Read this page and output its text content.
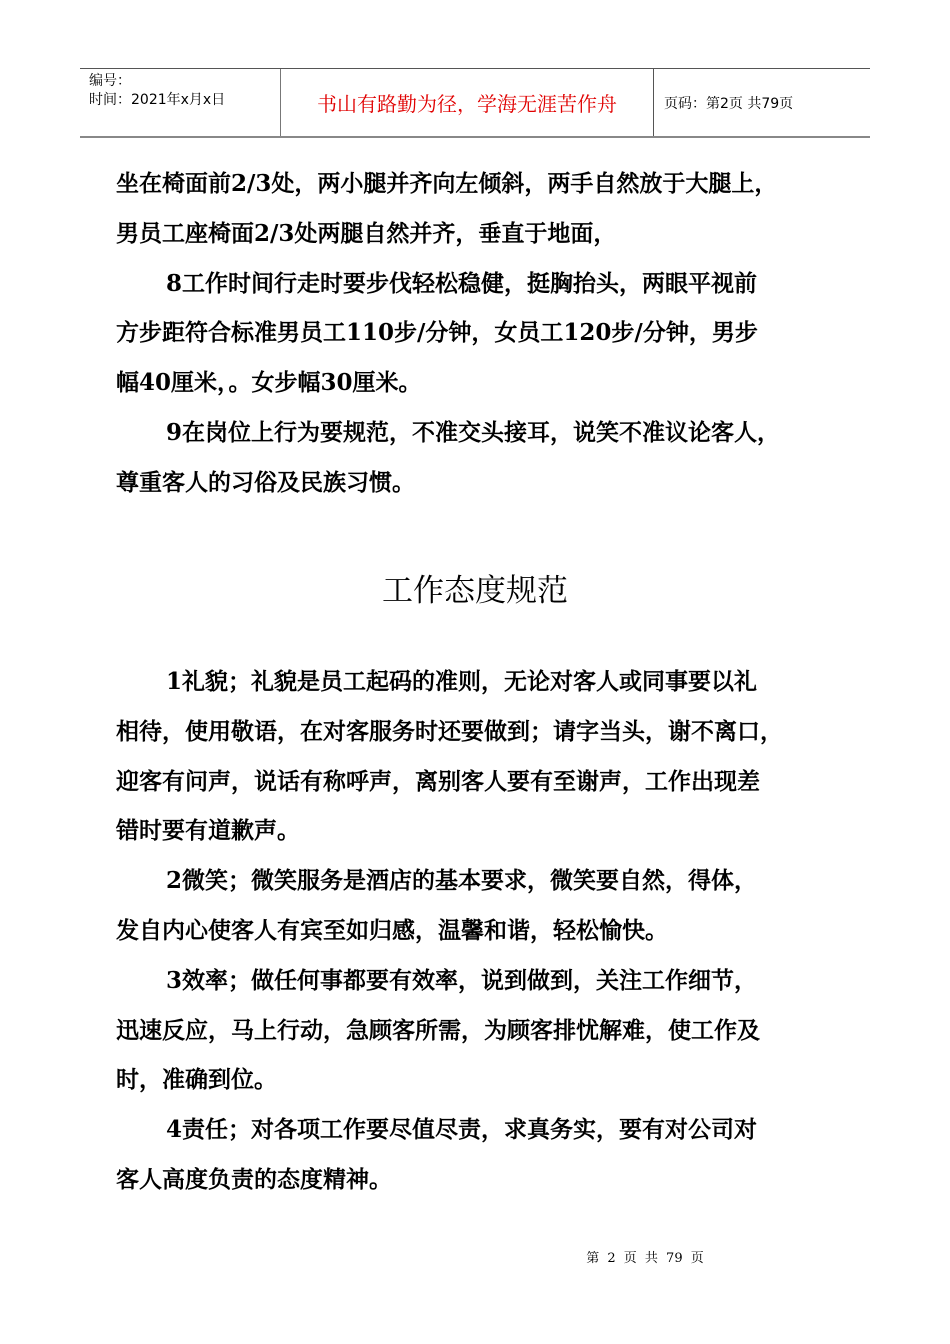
编号：
时间：2021年x月x日	书山有路勤为径，学海无涯苦作舟	页码：第2页 共79页
坐在椅面前2/3处，两小腿并齐向左倾斜，两手自然放于大腿上，
男员工座椅面2/3处两腿自然并齐，垂直于地面，
8工作时间行走时要步伐轻松稳健，挺胸抬头，两眼平视前
方步距符合标准男员工110步/分钟，女员工120步/分钟，男步
幅40厘米，。女步幅30厘米。
9在岗位上行为要规范，不准交头接耳，说笑不准议论客人，
尊重客人的习俗及民族习惯。
工作态度规范
1礼貌；礼貌是员工起码的准则，无论对客人或同事要以礼
相待，使用敬语，在对客服务时还要做到；请字当头，谢不离口，
迎客有问声，说话有称呼声，离别客人要有至谢声，工作出现差
错时要有道歉声。
2微笑；微笑服务是酒店的基本要求，微笑要自然，得体，
发自内心使客人有宾至如归感，温馨和谐，轻松愉快。
3效率；做任何事都要有效率，说到做到，关注工作细节，
迅速反应，马上行动，急顾客所需，为顾客排忧解难，使工作及
时，准确到位。
4责任；对各项工作要尽值尽责，求真务实，要有对公司对
客人高度负责的态度精神。
第 2 页 共 79 页
